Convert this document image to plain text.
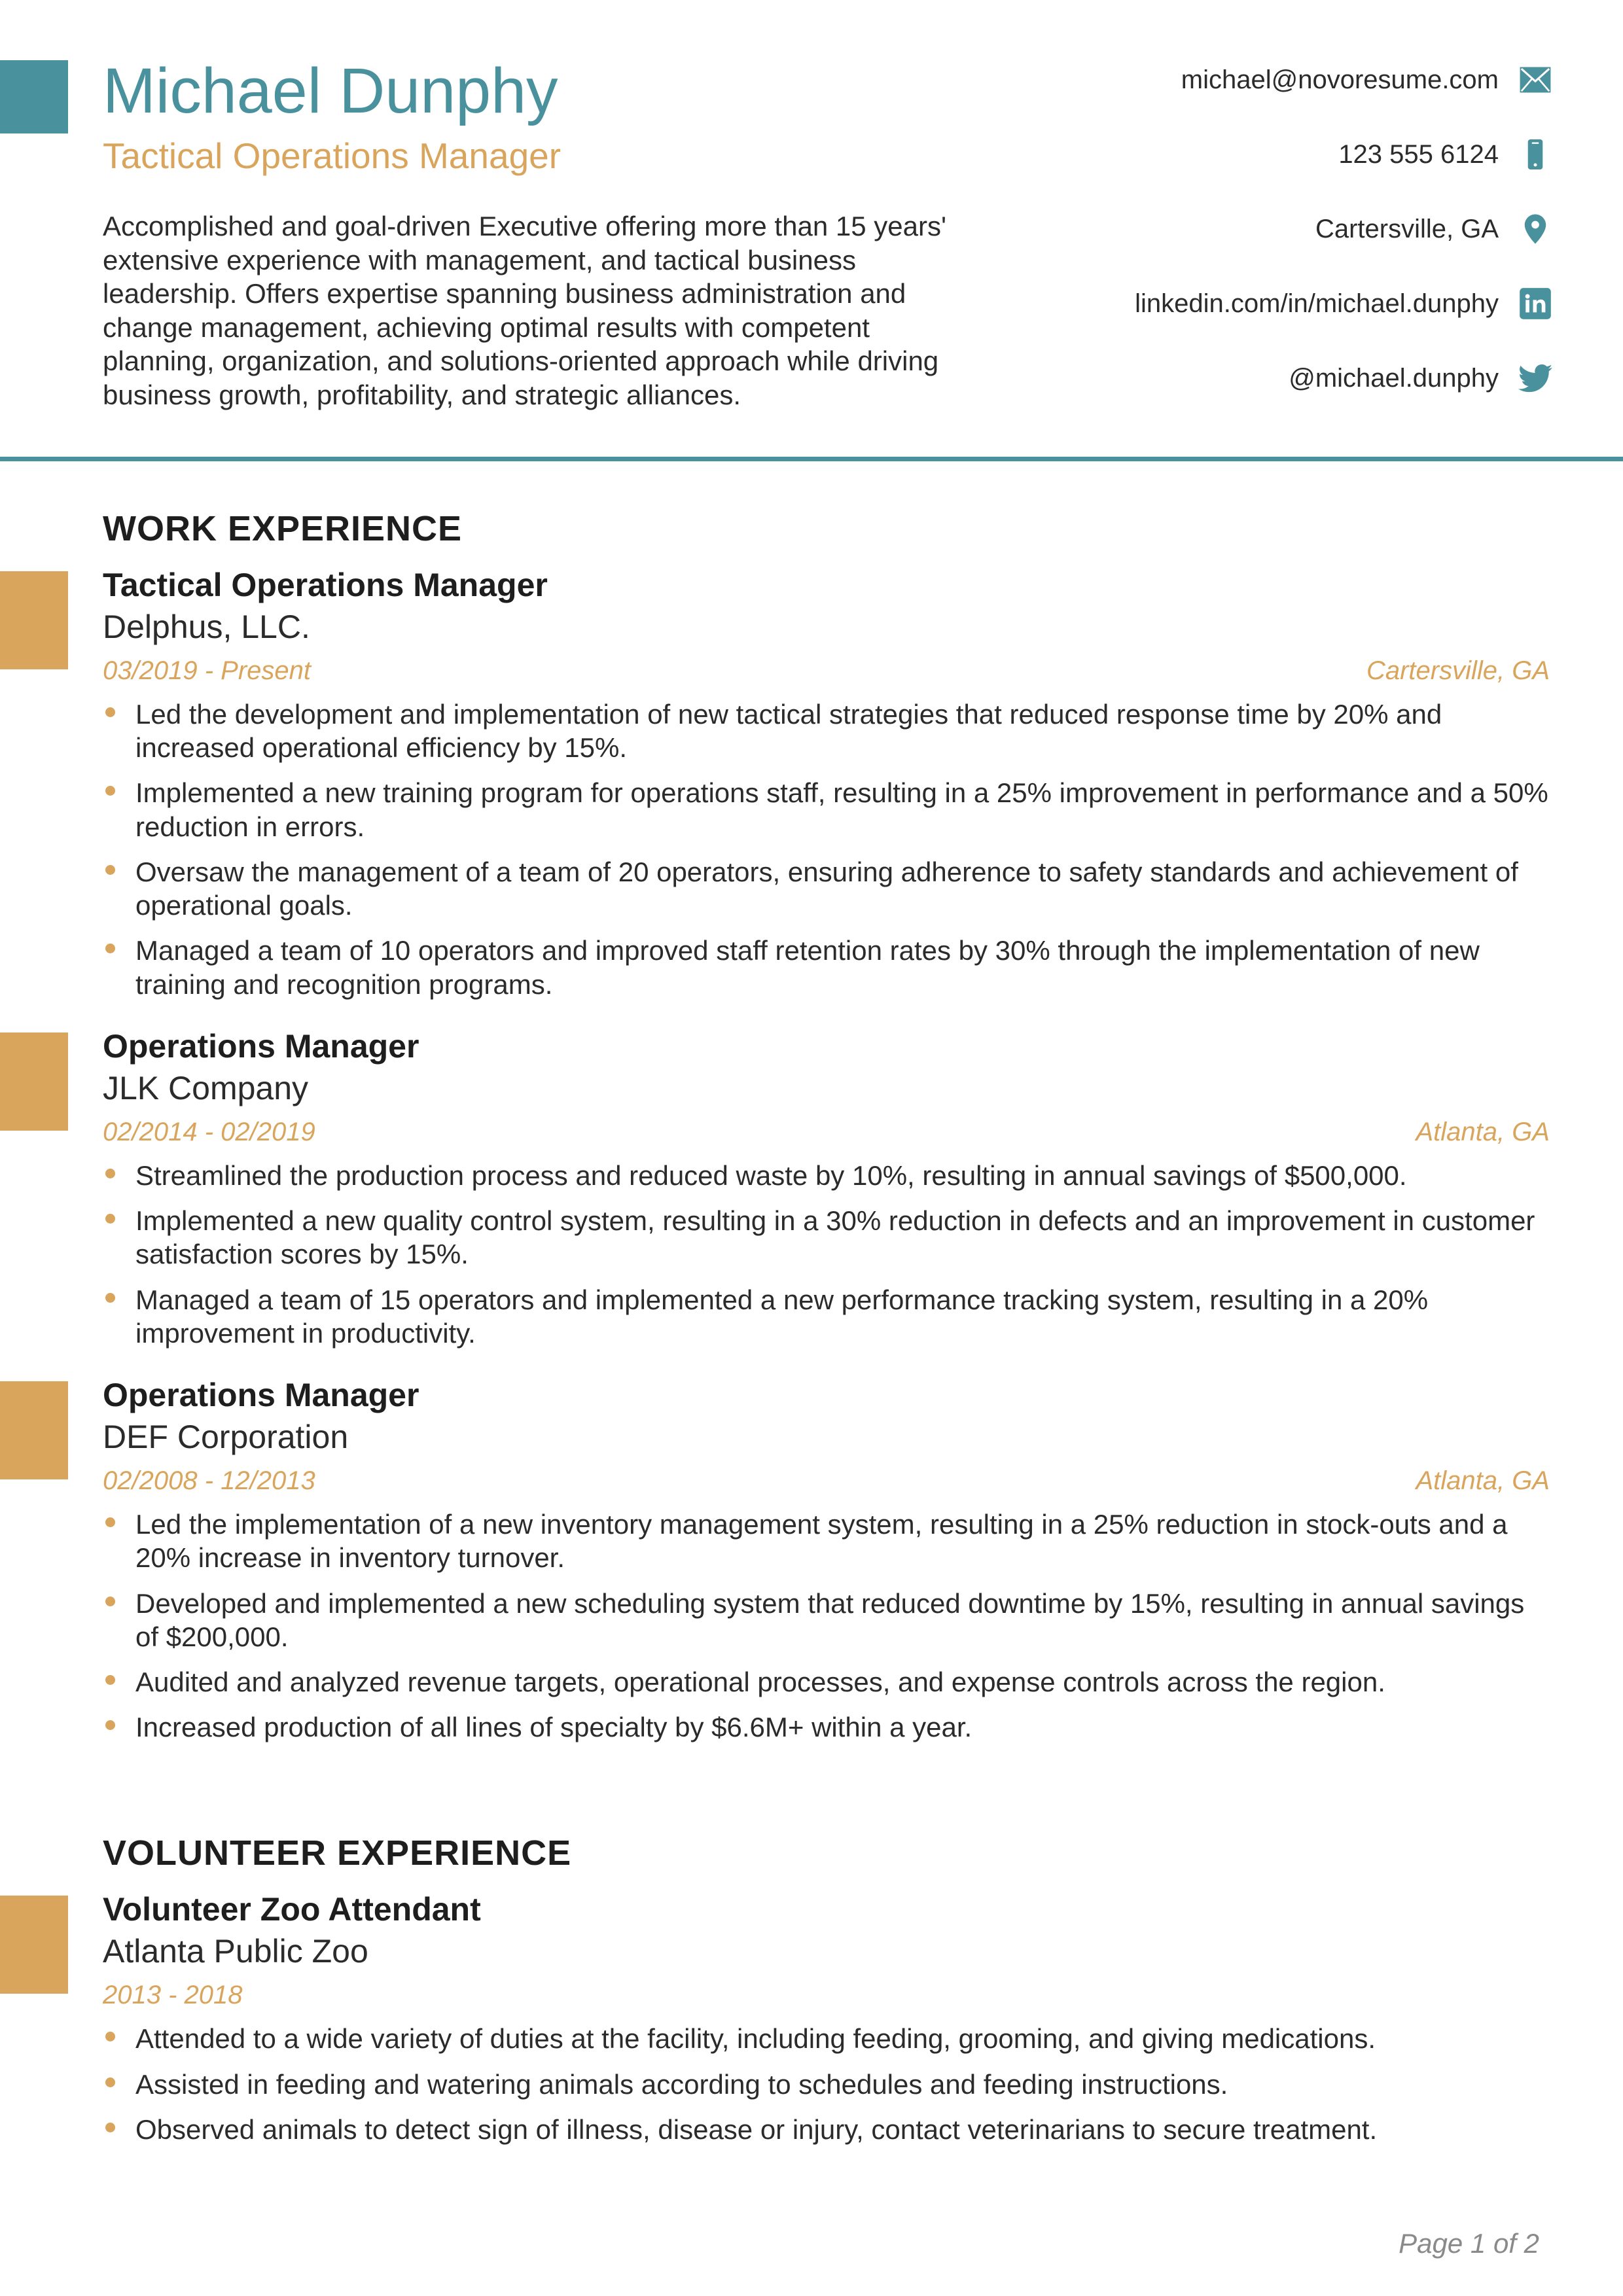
Michael Dunphy
Tactical Operations Manager
Accomplished and goal-driven Executive offering more than 15 years' extensive experience with management, and tactical business leadership. Offers expertise spanning business administration and change management, achieving optimal results with competent planning, organization, and solutions-oriented approach while driving business growth, profitability, and strategic alliances.
michael@novoresume.com
123 555 6124
Cartersville, GA
linkedin.com/in/michael.dunphy
@michael.dunphy
WORK EXPERIENCE
Tactical Operations Manager
Delphus, LLC.
03/2019 - Present	Cartersville, GA
Led the development and implementation of new tactical strategies that reduced response time by 20% and increased operational efficiency by 15%.
Implemented a new training program for operations staff, resulting in a 25% improvement in performance and a 50% reduction in errors.
Oversaw the management of a team of 20 operators, ensuring adherence to safety standards and achievement of operational goals.
Managed a team of 10 operators and improved staff retention rates by 30% through the implementation of new training and recognition programs.
Operations Manager
JLK Company
02/2014 - 02/2019	Atlanta, GA
Streamlined the production process and reduced waste by 10%, resulting in annual savings of $500,000.
Implemented a new quality control system, resulting in a 30% reduction in defects and an improvement in customer satisfaction scores by 15%.
Managed a team of 15 operators and implemented a new performance tracking system, resulting in a 20% improvement in productivity.
Operations Manager
DEF Corporation
02/2008 - 12/2013	Atlanta, GA
Led the implementation of a new inventory management system, resulting in a 25% reduction in stock-outs and a 20% increase in inventory turnover.
Developed and implemented a new scheduling system that reduced downtime by 15%, resulting in annual savings of $200,000.
Audited and analyzed revenue targets, operational processes, and expense controls across the region.
Increased production of all lines of specialty by $6.6M+ within a year.
VOLUNTEER EXPERIENCE
Volunteer Zoo Attendant
Atlanta Public Zoo
2013 - 2018
Attended to a wide variety of duties at the facility, including feeding, grooming, and giving medications.
Assisted in feeding and watering animals according to schedules and feeding instructions.
Observed animals to detect sign of illness, disease or injury, contact veterinarians to secure treatment.
Page 1 of 2
